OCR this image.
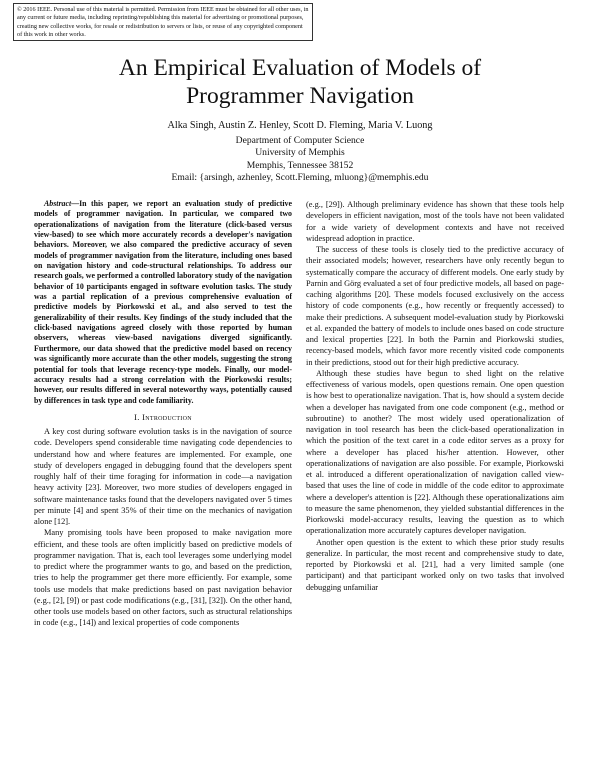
© 2016 IEEE. Personal use of this material is permitted. Permission from IEEE must be obtained for all other uses, in any current or future media, including reprinting/republishing this material for advertising or promotional purposes, creating new collective works, for resale or redistribution to servers or lists, or reuse of any copyrighted component of this work in other works.
An Empirical Evaluation of Models of
Programmer Navigation
Alka Singh, Austin Z. Henley, Scott D. Fleming, Maria V. Luong
Department of Computer Science
University of Memphis
Memphis, Tennessee 38152
Email: {arsingh, azhenley, Scott.Fleming, mluong}@memphis.edu

Abstract—In this paper, we report an evaluation study of predictive models of programmer navigation. In particular, we compared two operationalizations of navigation from the literature (click-based versus view-based) to see which more accurately records a developer's navigation behaviors. Moreover, we also compared the predictive accuracy of seven models of programmer navigation from the literature, including ones based on navigation history and code-structural relationships. To address our research goals, we performed a controlled laboratory study of the navigation behavior of 10 participants engaged in software evolution tasks. The study was a partial replication of a previous comprehensive evaluation of predictive models by Piorkowski et al., and also served to test the generalizability of their results. Key findings of the study included that the click-based navigations agreed closely with those reported by human observers, whereas view-based navigations diverged significantly. Furthermore, our data showed that the predictive model based on recency was significantly more accurate than the other models, suggesting the strong potential for tools that leverage recency-type models. Finally, our model-accuracy results had a strong correlation with the Piorkowski results; however, our results differed in several noteworthy ways, potentially caused by differences in task type and code familiarity.

I. Introduction

A key cost during software evolution tasks is in the navigation of source code. Developers spend considerable time navigating code dependencies to understand how and where features are implemented. For example, one study of developers engaged in debugging found that the developers spent roughly half of their time foraging for information in code—a navigation heavy activity [23]. Moreover, two more studies of developers engaged in software maintenance tasks found that the developers navigated over 5 times per minute [4] and spent 35% of their time on the mechanics of navigation alone [12].

Many promising tools have been proposed to make navigation more efficient, and these tools are often implicitly based on predictive models of programmer navigation. That is, each tool leverages some underlying model to predict where the programmer wants to go, and based on the prediction, tries to help the programmer get there more efficiently. For example, some tools use models that make predictions based on past navigation behavior (e.g., [2], [9]) or past code modifications (e.g., [31], [32]). On the other hand, other tools use models based on other factors, such as structural relationships in code (e.g., [14]) and lexical properties of code components

(e.g., [29]). Although preliminary evidence has shown that these tools help developers in efficient navigation, most of the tools have not been validated for a wide variety of development contexts and have not received widespread adoption in practice.

The success of these tools is closely tied to the predictive accuracy of their associated models; however, researchers have only recently begun to systematically compare the accuracy of different models. One early study by Parnin and Görg evaluated a set of four predictive models, all based on page-caching algorithms [20]. These models focused exclusively on the access history of code components (e.g., how recently or frequently accessed) to make their predictions. A subsequent model-evaluation study by Piorkowski et al. expanded the battery of models to include ones based on code structure and lexical properties [22]. In both the Parnin and Piorkowski studies, recency-based models, which favor more recently visited code components in their predictions, stood out for their high predictive accuracy.

Although these studies have begun to shed light on the relative effectiveness of various models, open questions remain. One open question is how best to operationalize navigation. That is, how should a system decide when a developer has navigated from one code component (e.g., method or subroutine) to another? The most widely used operationalization of navigation in tool research has been the click-based operationalization in which the position of the text caret in a code editor serves as a proxy for where a developer has placed his/her attention. However, other operationalizations of navigation are also possible. For example, Piorkowski et al. introduced a different operationalization of navigation called view-based that uses the line of code in middle of the code editor to approximate where a developer's attention is [22]. Although these operationalizations aim to measure the same phenomenon, they yielded substantial differences in the Piorkowski model-accuracy results, leaving the question as to which operationalization more accurately captures developer navigation.

Another open question is the extent to which these prior study results generalize. In particular, the most recent and comprehensive study to date, reported by Piorkowski et al. [21], had a very limited sample (one participant) and that participant worked only on two tasks that involved debugging unfamiliar
